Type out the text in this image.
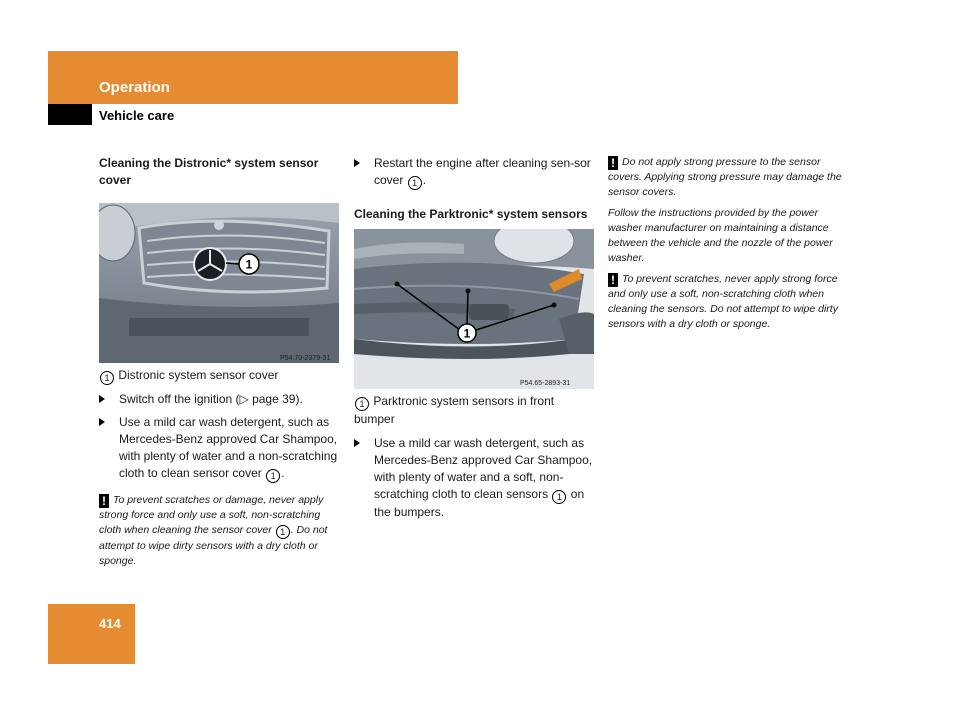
Operation
Vehicle care

Cleaning the Distronic* system sensor cover

1
P54.70-2379-31

1 Distronic system sensor cover

Switch off the ignition (▷ page 39).

Use a mild car wash detergent, such as Mercedes-Benz approved Car Shampoo, with plenty of water and a non-scratching cloth to clean sensor cover 1 .

! To prevent scratches or damage, never apply strong force and only use a soft, non-scratching cloth when cleaning the sensor cover 1 . Do not attempt to wipe dirty sensors with a dry cloth or sponge.

Restart the engine after cleaning sen-sor cover 1 .

Cleaning the Parktronic* system sensors

1
P54.65-2893-31

1 Parktronic system sensors in front bumper

Use a mild car wash detergent, such as Mercedes-Benz approved Car Shampoo, with plenty of water and a soft, non-scratching cloth to clean sensors 1 on the bumpers.

! Do not apply strong pressure to the sensor covers. Applying strong pressure may damage the sensor covers.

Follow the instructions provided by the power washer manufacturer on maintaining a distance between the vehicle and the nozzle of the power washer.

! To prevent scratches, never apply strong force and only use a soft, non-scratching cloth when cleaning the sensors. Do not attempt to wipe dirty sensors with a dry cloth or sponge.

414
